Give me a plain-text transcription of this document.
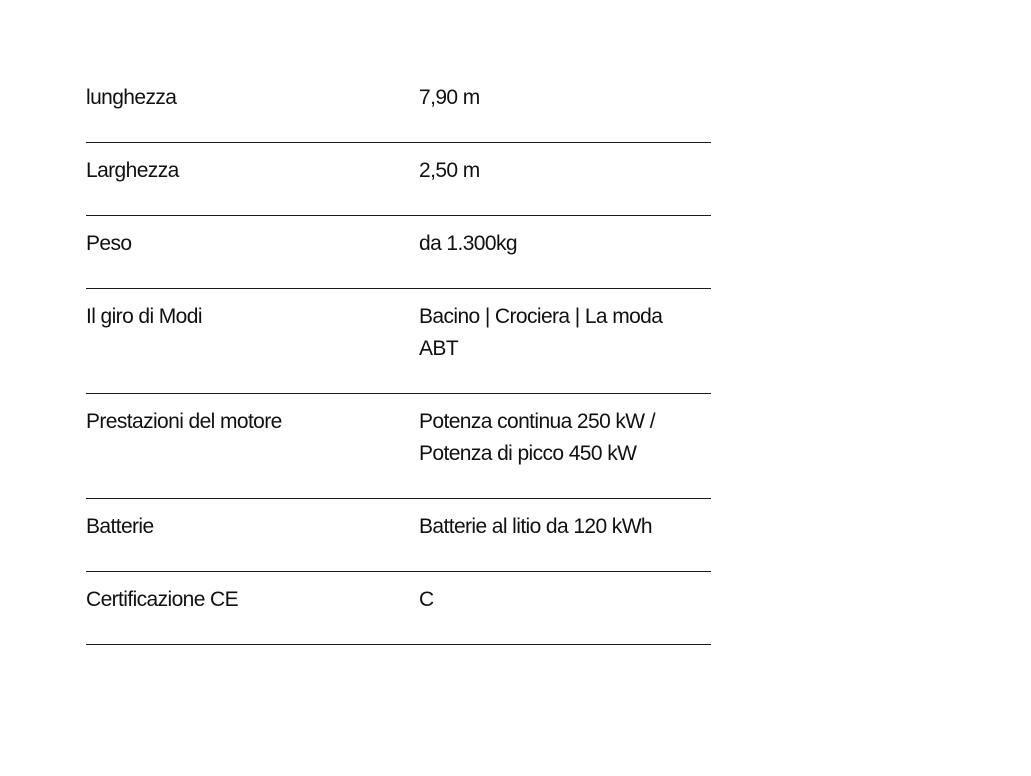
lunghezza	7,90 m
Larghezza	2,50 m
Peso	da 1.300kg
Il giro di Modi	Bacino | Crociera | La moda
ABT
Prestazioni del motore	Potenza continua 250 kW /
Potenza di picco 450 kW
Batterie	Batterie al litio da 120 kWh
Certificazione CE	C
